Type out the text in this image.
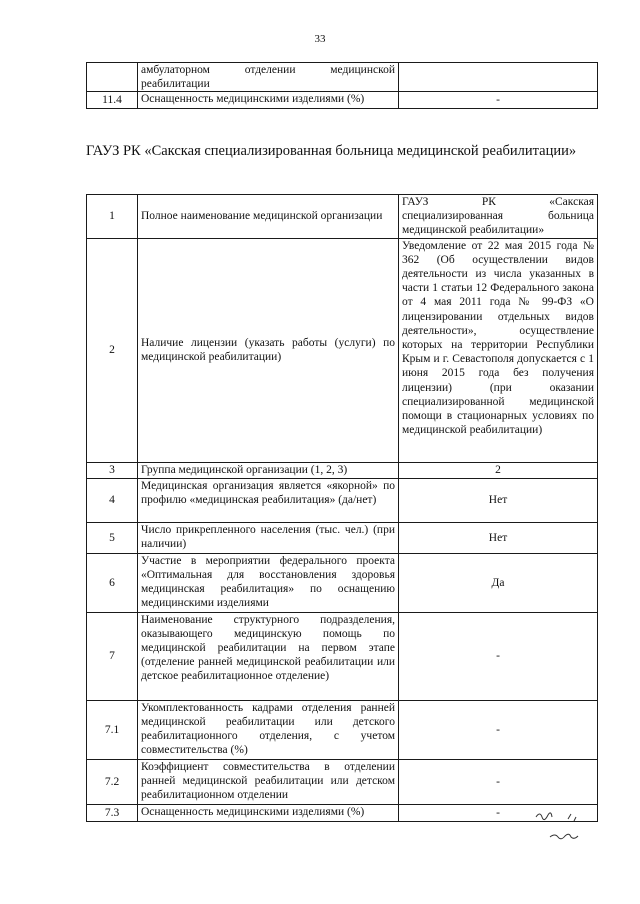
33
	амбулаторном отделении медицинской реабилитации	
11.4	Оснащенность медицинскими изделиями (%)	-
ГАУЗ РК «Сакская специализированная больница медицинской реабилитации»
1	Полное наименование медицинской организации	ГАУЗ РК «Сакская специализированная больница медицинской реабилитации»
2	Наличие лицензии (указать работы (услуги) по медицинской реабилитации)	Уведомление от 22 мая 2015 года № 362 (Об осуществлении видов деятельности из числа указанных в части 1 статьи 12 Федерального закона от 4 мая 2011 года № 99-ФЗ «О лицензировании отдельных видов деятельности», осуществление которых на территории Республики Крым и г. Севастополя допускается с 1 июня 2015 года без получения лицензии) (при оказании специализированной медицинской помощи в стационарных условиях по медицинской реабилитации)
3	Группа медицинской организации (1, 2, 3)	2
4	Медицинская организация является «якорной» по профилю «медицинская реабилитация» (да/нет)	Нет
5	Число прикрепленного населения (тыс. чел.) (при наличии)	Нет
6	Участие в мероприятии федерального проекта «Оптимальная для восстановления здоровья медицинская реабилитация» по оснащению медицинскими изделиями	Да
7	Наименование структурного подразделения, оказывающего медицинскую помощь по медицинской реабилитации на первом этапе (отделение ранней медицинской реабилитации или детское реабилитационное отделение)	-
7.1	Укомплектованность кадрами отделения ранней медицинской реабилитации или детского реабилитационного отделения, с учетом совместительства (%)	-
7.2	Коэффициент совместительства в отделении ранней медицинской реабилитации или детском реабилитационном отделении	-
7.3	Оснащенность медицинскими изделиями (%)	-
